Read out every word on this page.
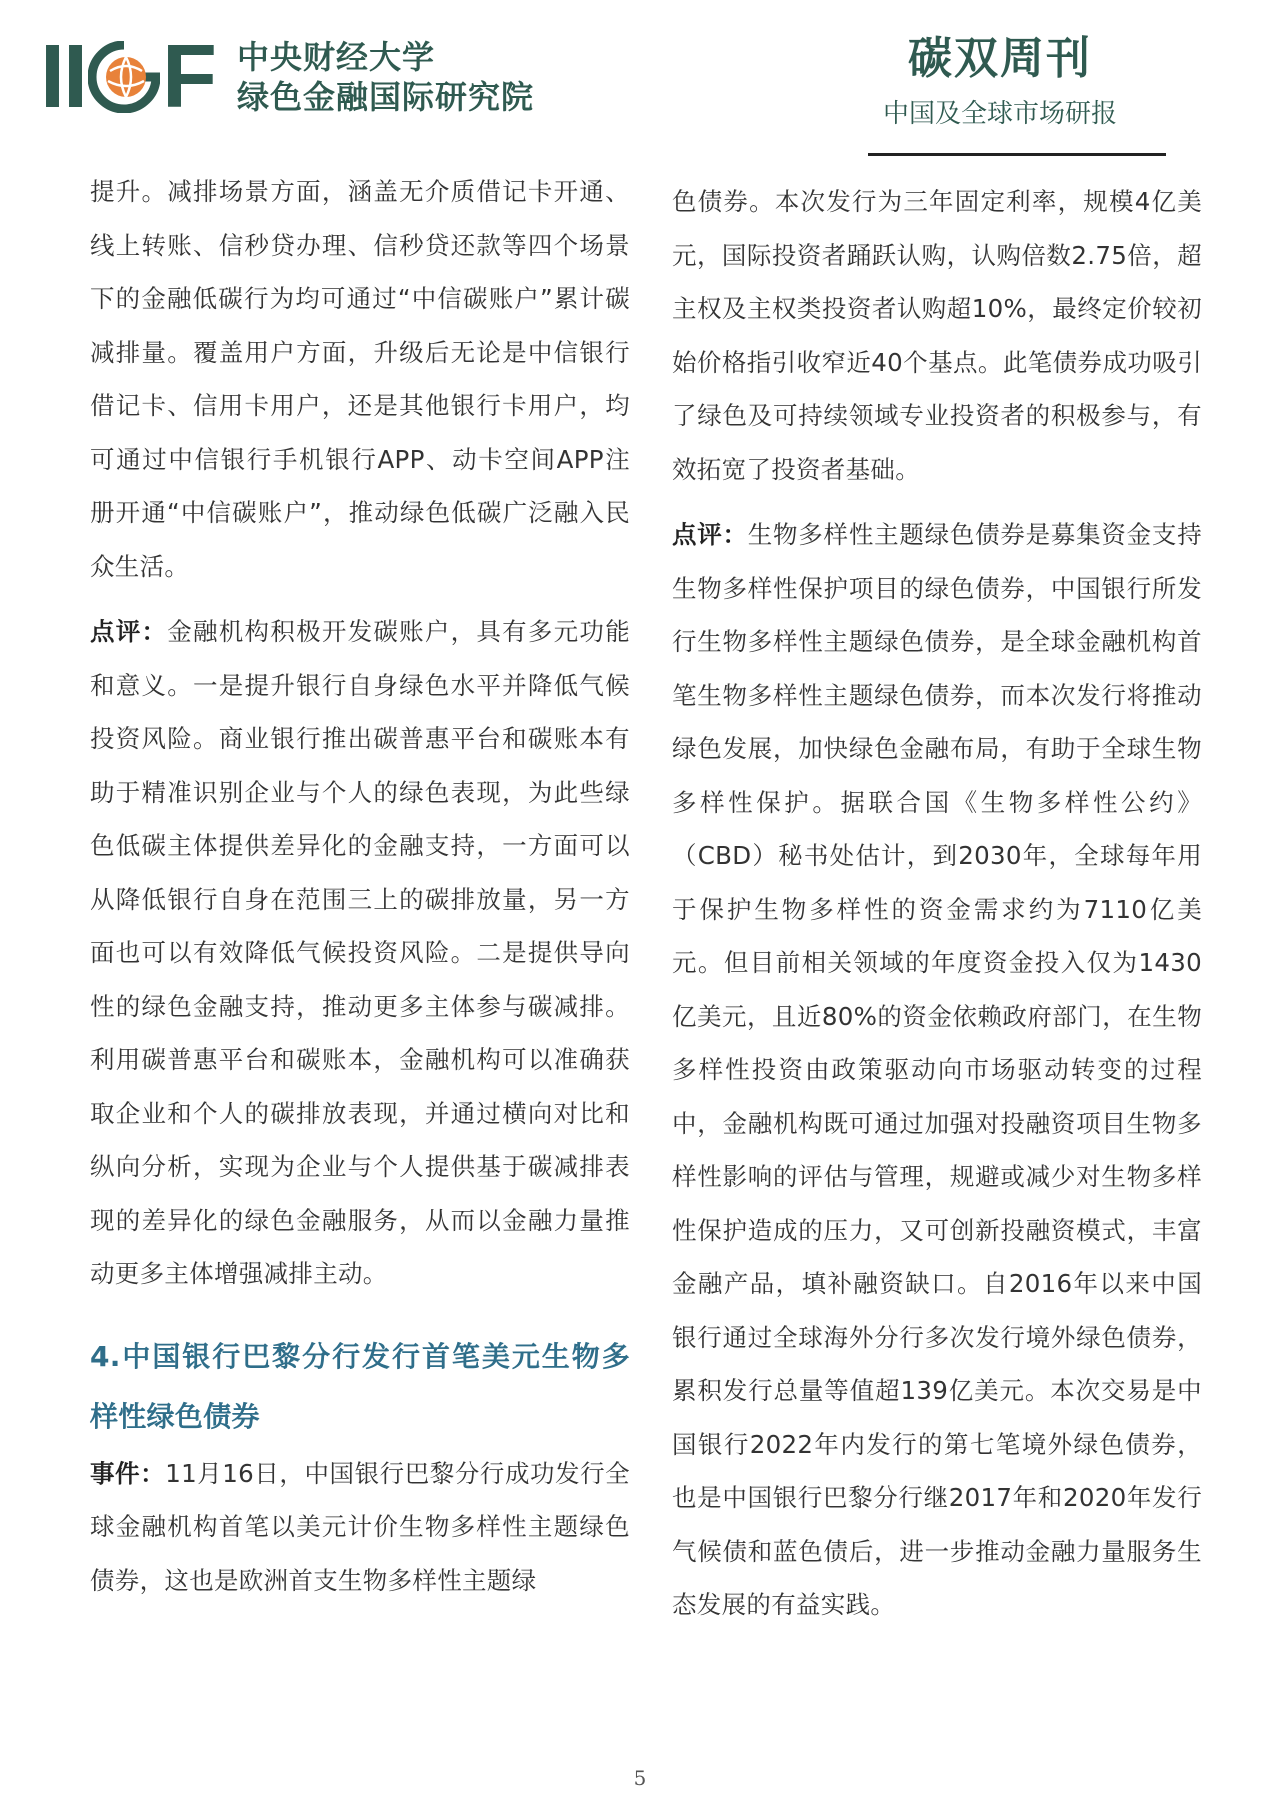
II F 中央财经大学
绿色金融国际研究院
碳双周刊
中国及全球市场研报

提升。减排场景方面，涵盖无介质借记卡开通、线上转账、信秒贷办理、信秒贷还款等四个场景下的金融低碳行为均可通过“中信碳账户”累计碳减排量。覆盖用户方面，升级后无论是中信银行借记卡、信用卡用户，还是其他银行卡用户，均可通过中信银行手机银行APP、动卡空间APP注册开通“中信碳账户”，推动绿色低碳广泛融入民众生活。

点评：金融机构积极开发碳账户，具有多元功能和意义。一是提升银行自身绿色水平并降低气候投资风险。商业银行推出碳普惠平台和碳账本有助于精准识别企业与个人的绿色表现，为此些绿色低碳主体提供差异化的金融支持，一方面可以从降低银行自身在范围三上的碳排放量，另一方面也可以有效降低气候投资风险。二是提供导向性的绿色金融支持，推动更多主体参与碳减排。利用碳普惠平台和碳账本，金融机构可以准确获取企业和个人的碳排放表现，并通过横向对比和纵向分析，实现为企业与个人提供基于碳减排表现的差异化的绿色金融服务，从而以金融力量推动更多主体增强减排主动。

4.中国银行巴黎分行发行首笔美元生物多样性绿色债券

事件：11月16日，中国银行巴黎分行成功发行全球金融机构首笔以美元计价生物多样性主题绿色债券，这也是欧洲首支生物多样性主题绿

色债券。本次发行为三年固定利率，规模4亿美元，国际投资者踊跃认购，认购倍数2.75倍，超主权及主权类投资者认购超10%，最终定价较初始价格指引收窄近40个基点。此笔债券成功吸引了绿色及可持续领域专业投资者的积极参与，有效拓宽了投资者基础。

点评：生物多样性主题绿色债券是募集资金支持生物多样性保护项目的绿色债券，中国银行所发行生物多样性主题绿色债券，是全球金融机构首笔生物多样性主题绿色债券，而本次发行将推动绿色发展，加快绿色金融布局，有助于全球生物多样性保护。据联合国《生物多样性公约》（CBD）秘书处估计，到2030年，全球每年用于保护生物多样性的资金需求约为7110亿美元。但目前相关领域的年度资金投入仅为1430亿美元，且近80%的资金依赖政府部门，在生物多样性投资由政策驱动向市场驱动转变的过程中，金融机构既可通过加强对投融资项目生物多样性影响的评估与管理，规避或减少对生物多样性保护造成的压力，又可创新投融资模式，丰富金融产品，填补融资缺口。自2016年以来中国银行通过全球海外分行多次发行境外绿色债券，累积发行总量等值超139亿美元。本次交易是中国银行2022年内发行的第七笔境外绿色债券，也是中国银行巴黎分行继2017年和2020年发行气候债和蓝色债后，进一步推动金融力量服务生态发展的有益实践。

5
